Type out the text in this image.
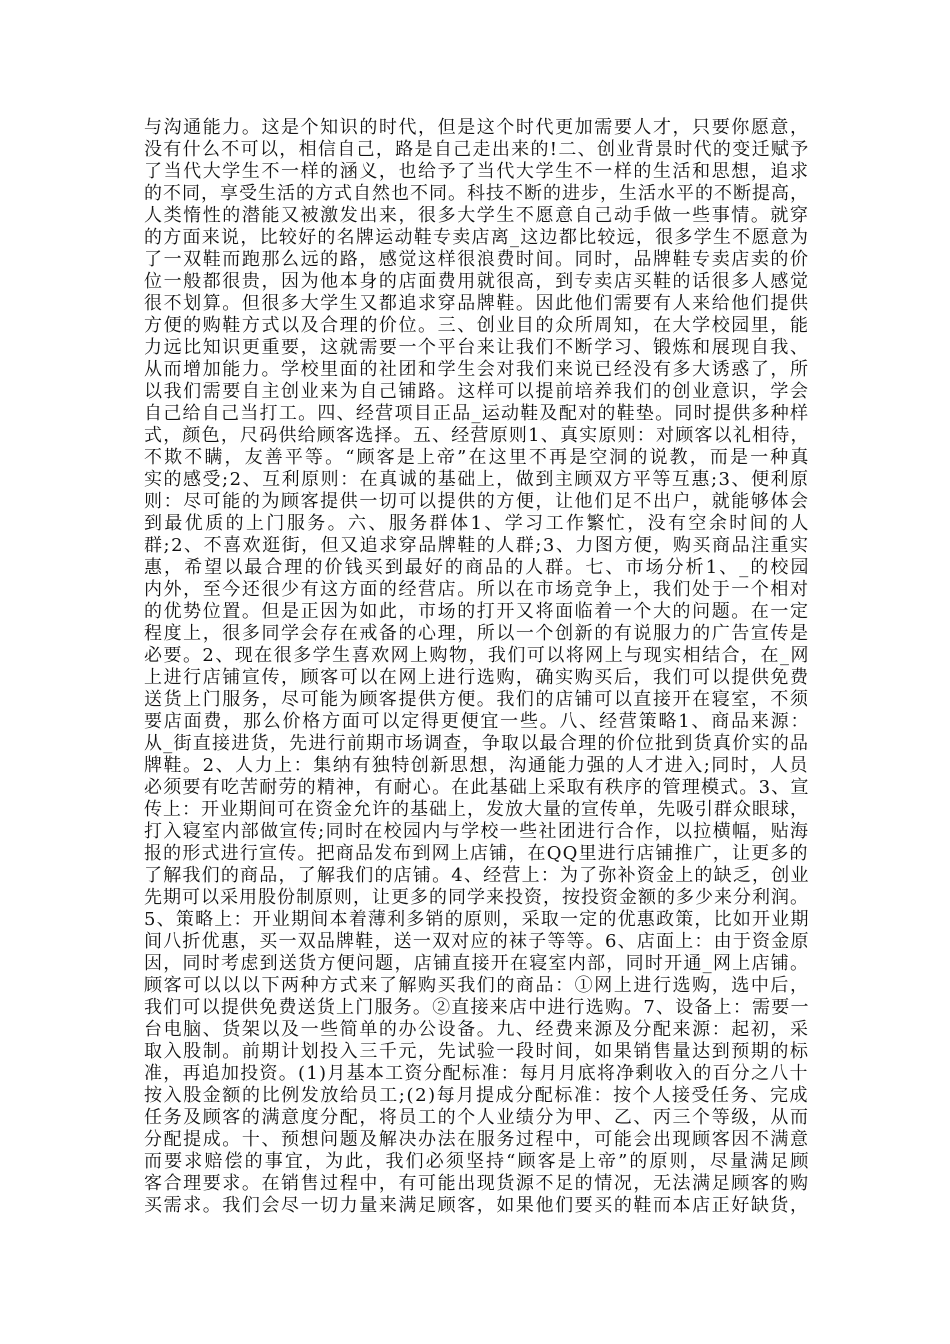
与沟通能力。这是个知识的时代，但是这个时代更加需要人才，只要你愿意，
没有什么不可以，相信自己，路是自己走出来的!二、创业背景时代的变迁赋予
了当代大学生不一样的涵义，也给予了当代大学生不一样的生活和思想，追求
的不同，享受生活的方式自然也不同。科技不断的进步，生活水平的不断提高，
人类惰性的潜能又被激发出来，很多大学生不愿意自己动手做一些事情。就穿
的方面来说，比较好的名牌运动鞋专卖店离_这边都比较远，很多学生不愿意为
了一双鞋而跑那么远的路，感觉这样很浪费时间。同时，品牌鞋专卖店卖的价
位一般都很贵，因为他本身的店面费用就很高，到专卖店买鞋的话很多人感觉
很不划算。但很多大学生又都追求穿品牌鞋。因此他们需要有人来给他们提供
方便的购鞋方式以及合理的价位。三、创业目的众所周知，在大学校园里，能
力远比知识更重要，这就需要一个平台来让我们不断学习、锻炼和展现自我、
从而增加能力。学校里面的社团和学生会对我们来说已经没有多大诱惑了，所
以我们需要自主创业来为自己铺路。这样可以提前培养我们的创业意识，学会
自己给自己当打工。四、经营项目正品_运动鞋及配对的鞋垫。同时提供多种样
式，颜色，尺码供给顾客选择。五、经营原则1、真实原则：对顾客以礼相待，
不欺不瞒，友善平等。“顾客是上帝”在这里不再是空洞的说教，而是一种真
实的感受;2、互利原则：在真诚的基础上，做到主顾双方平等互惠;3、便利原
则：尽可能的为顾客提供一切可以提供的方便，让他们足不出户，就能够体会
到最优质的上门服务。六、服务群体1、学习工作繁忙，没有空余时间的人
群;2、不喜欢逛街，但又追求穿品牌鞋的人群;3、力图方便，购买商品注重实
惠，希望以最合理的价钱买到最好的商品的人群。七、市场分析1、_的校园
内外，至今还很少有这方面的经营店。所以在市场竞争上，我们处于一个相对
的优势位置。但是正因为如此，市场的打开又将面临着一个大的问题。在一定
程度上，很多同学会存在戒备的心理，所以一个创新的有说服力的广告宣传是
必要。2、现在很多学生喜欢网上购物，我们可以将网上与现实相结合，在_网
上进行店铺宣传，顾客可以在网上进行选购，确实购买后，我们可以提供免费
送货上门服务，尽可能为顾客提供方便。我们的店铺可以直接开在寝室，不须
要店面费，那么价格方面可以定得更便宜一些。八、经营策略1、商品来源：
从_街直接进货，先进行前期市场调查，争取以最合理的价位批到货真价实的品
牌鞋。2、人力上：集纳有独特创新思想，沟通能力强的人才进入;同时，人员
必须要有吃苦耐劳的精神，有耐心。在此基础上采取有秩序的管理模式。3、宣
传上：开业期间可在资金允许的基础上，发放大量的宣传单，先吸引群众眼球，
打入寝室内部做宣传;同时在校园内与学校一些社团进行合作，以拉横幅，贴海
报的形式进行宣传。把商品发布到网上店铺，在QQ里进行店铺推广，让更多的
了解我们的商品，了解我们的店铺。4、经营上：为了弥补资金上的缺乏，创业
先期可以采用股份制原则，让更多的同学来投资，按投资金额的多少来分利润。
5、策略上：开业期间本着薄利多销的原则，采取一定的优惠政策，比如开业期
间八折优惠，买一双品牌鞋，送一双对应的袜子等等。6、店面上：由于资金原
因，同时考虑到送货方便问题，店铺直接开在寝室内部，同时开通_网上店铺。
顾客可以以以下两种方式来了解购买我们的商品：①网上进行选购，选中后，
我们可以提供免费送货上门服务。②直接来店中进行选购。7、设备上：需要一
台电脑、货架以及一些简单的办公设备。九、经费来源及分配来源：起初，采
取入股制。前期计划投入三千元，先试验一段时间，如果销售量达到预期的标
准，再追加投资。(1)月基本工资分配标准：每月月底将净剩收入的百分之八十
按入股金额的比例发放给员工;(2)每月提成分配标准：按个人接受任务、完成
任务及顾客的满意度分配，将员工的个人业绩分为甲、乙、丙三个等级，从而
分配提成。十、预想问题及解决办法在服务过程中，可能会出现顾客因不满意
而要求赔偿的事宜，为此，我们必须坚持“顾客是上帝”的原则，尽量满足顾
客合理要求。在销售过程中，有可能出现货源不足的情况，无法满足顾客的购
买需求。我们会尽一切力量来满足顾客，如果他们要买的鞋而本店正好缺货，
